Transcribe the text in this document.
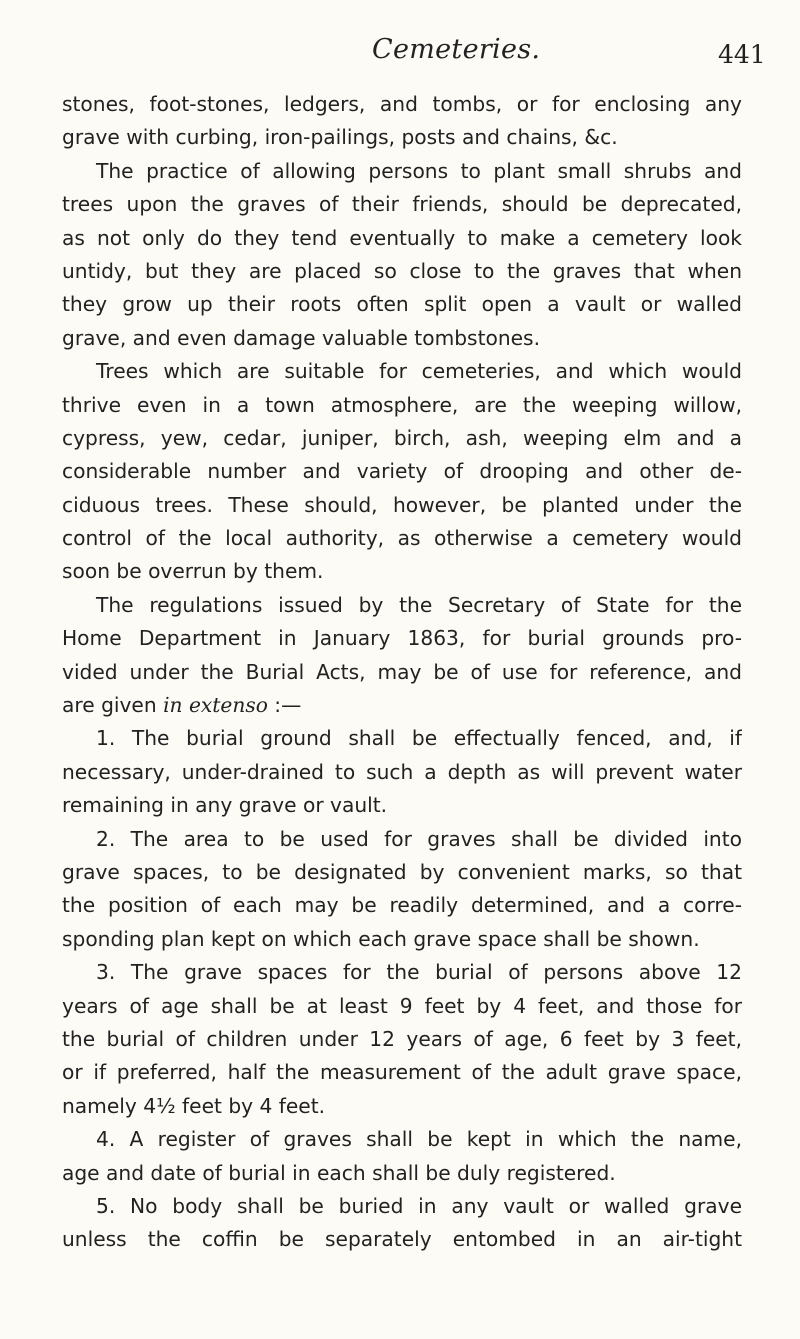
Cemeteries.	441
stones, foot-stones, ledgers, and tombs, or for enclosing any
grave with curbing, iron-pailings, posts and chains, &c.
The practice of allowing persons to plant small shrubs and
trees upon the graves of their friends, should be deprecated,
as not only do they tend eventually to make a cemetery look
untidy, but they are placed so close to the graves that when
they grow up their roots often split open a vault or walled
grave, and even damage valuable tombstones.
Trees which are suitable for cemeteries, and which would
thrive even in a town atmosphere, are the weeping willow,
cypress, yew, cedar, juniper, birch, ash, weeping elm and a
considerable number and variety of drooping and other de-
ciduous trees. These should, however, be planted under the
control of the local authority, as otherwise a cemetery would
soon be overrun by them.
The regulations issued by the Secretary of State for the
Home Department in January 1863, for burial grounds pro-
vided under the Burial Acts, may be of use for reference, and
are given in extenso :—
1. The burial ground shall be effectually fenced, and, if
necessary, under-drained to such a depth as will prevent water
remaining in any grave or vault.
2. The area to be used for graves shall be divided into
grave spaces, to be designated by convenient marks, so that
the position of each may be readily determined, and a corre-
sponding plan kept on which each grave space shall be shown.
3. The grave spaces for the burial of persons above 12
years of age shall be at least 9 feet by 4 feet, and those for
the burial of children under 12 years of age, 6 feet by 3 feet,
or if preferred, half the measurement of the adult grave space,
namely 4½ feet by 4 feet.
4. A register of graves shall be kept in which the name,
age and date of burial in each shall be duly registered.
5. No body shall be buried in any vault or walled grave
unless the coffin be separately entombed in an air-tight
